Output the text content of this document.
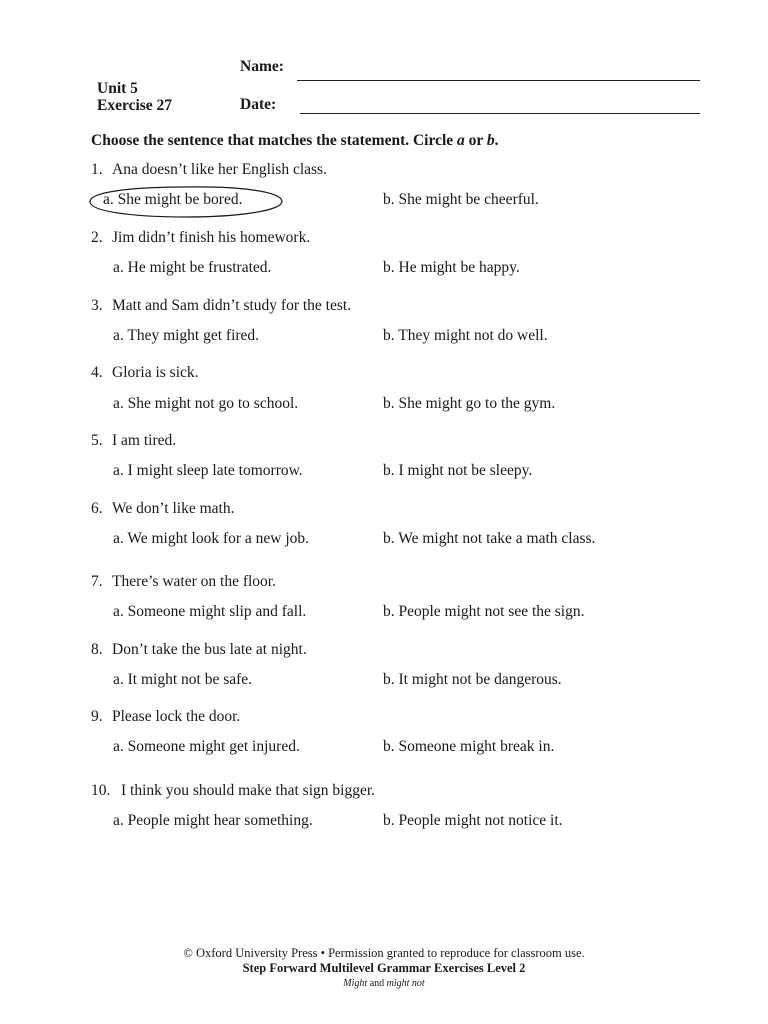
Name:
Unit 5
Exercise 27	Date:
Choose the sentence that matches the statement. Circle a or b.
1. Ana doesn’t like her English class.
a. She might be bored.	b. She might be cheerful.
2. Jim didn’t finish his homework.
a. He might be frustrated.	b. He might be happy.
3. Matt and Sam didn’t study for the test.
a. They might get fired.	b. They might not do well.
4. Gloria is sick.
a. She might not go to school.	b. She might go to the gym.
5. I am tired.
a. I might sleep late tomorrow.	b. I might not be sleepy.
6. We don’t like math.
a. We might look for a new job.	b. We might not take a math class.
7. There’s water on the floor.
a. Someone might slip and fall.	b. People might not see the sign.
8. Don’t take the bus late at night.
a. It might not be safe.	b. It might not be dangerous.
9. Please lock the door.
a. Someone might get injured.	b. Someone might break in.
10. I think you should make that sign bigger.
a. People might hear something.	b. People might not notice it.
© Oxford University Press • Permission granted to reproduce for classroom use.
Step Forward Multilevel Grammar Exercises Level 2
Might and might not
